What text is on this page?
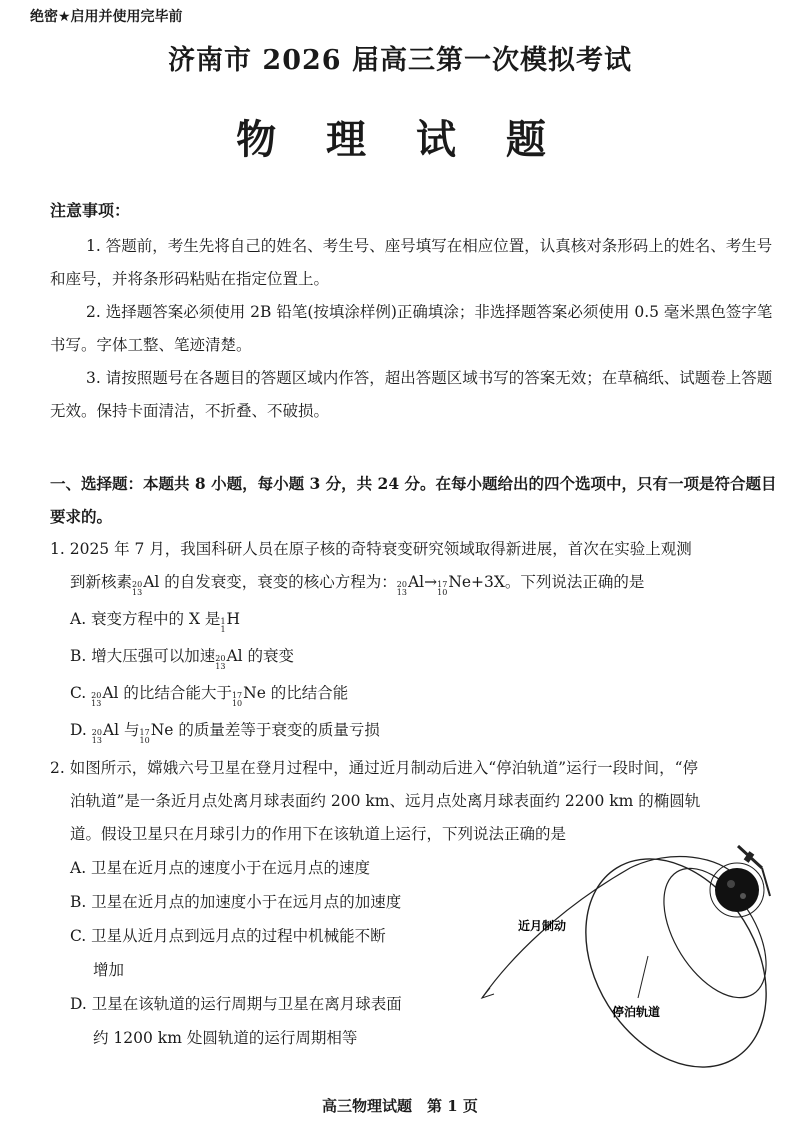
绝密★启用并使用完毕前
济南市 2026 届高三第一次模拟考试
物 理 试 题
注意事项：
1. 答题前，考生先将自己的姓名、考生号、座号填写在相应位置，认真核对条形码上的姓名、考生号和座号，并将条形码粘贴在指定位置上。
2. 选择题答案必须使用 2B 铅笔(按填涂样例)正确填涂；非选择题答案必须使用 0.5 毫米黑色签字笔书写。字体工整、笔迹清楚。
3. 请按照题号在各题目的答题区域内作答，超出答题区域书写的答案无效；在草稿纸、试题卷上答题无效。保持卡面清洁，不折叠、不破损。
一、选择题：本题共 8 小题，每小题 3 分，共 24 分。在每小题给出的四个选项中，只有一项是符合题目要求的。
1. 2025 年 7 月，我国科研人员在原子核的奇特衰变研究领域取得新进展，首次在实验上观测
到新核素 20
13
Al 的自发衰变，衰变的核心方程为： 20
13
Al→ 17
10
Ne+3X。下列说法正确的是
A. 衰变方程中的 X 是 1
1
H
B. 增大压强可以加速 20
13
Al 的衰变
C. 20
13
Al 的比结合能大于 17
10
Ne 的比结合能
D. 20
13
Al 与 17
10
Ne 的质量差等于衰变的质量亏损
2. 如图所示，嫦娥六号卫星在登月过程中，通过近月制动后进入“停泊轨道”运行一段时间，“停
泊轨道”是一条近月点处离月球表面约 200 km、远月点处离月球表面约 2200 km 的椭圆轨
道。假设卫星只在月球引力的作用下在该轨道上运行，下列说法正确的是
A. 卫星在近月点的速度小于在远月点的速度
B. 卫星在近月点的加速度小于在远月点的加速度
C. 卫星从近月点到远月点的过程中机械能不断
增加
D. 卫星在该轨道的运行周期与卫星在离月球表面
约 1200 km 处圆轨道的运行周期相等
近月制动
停泊轨道
高三物理试题　第 1 页
